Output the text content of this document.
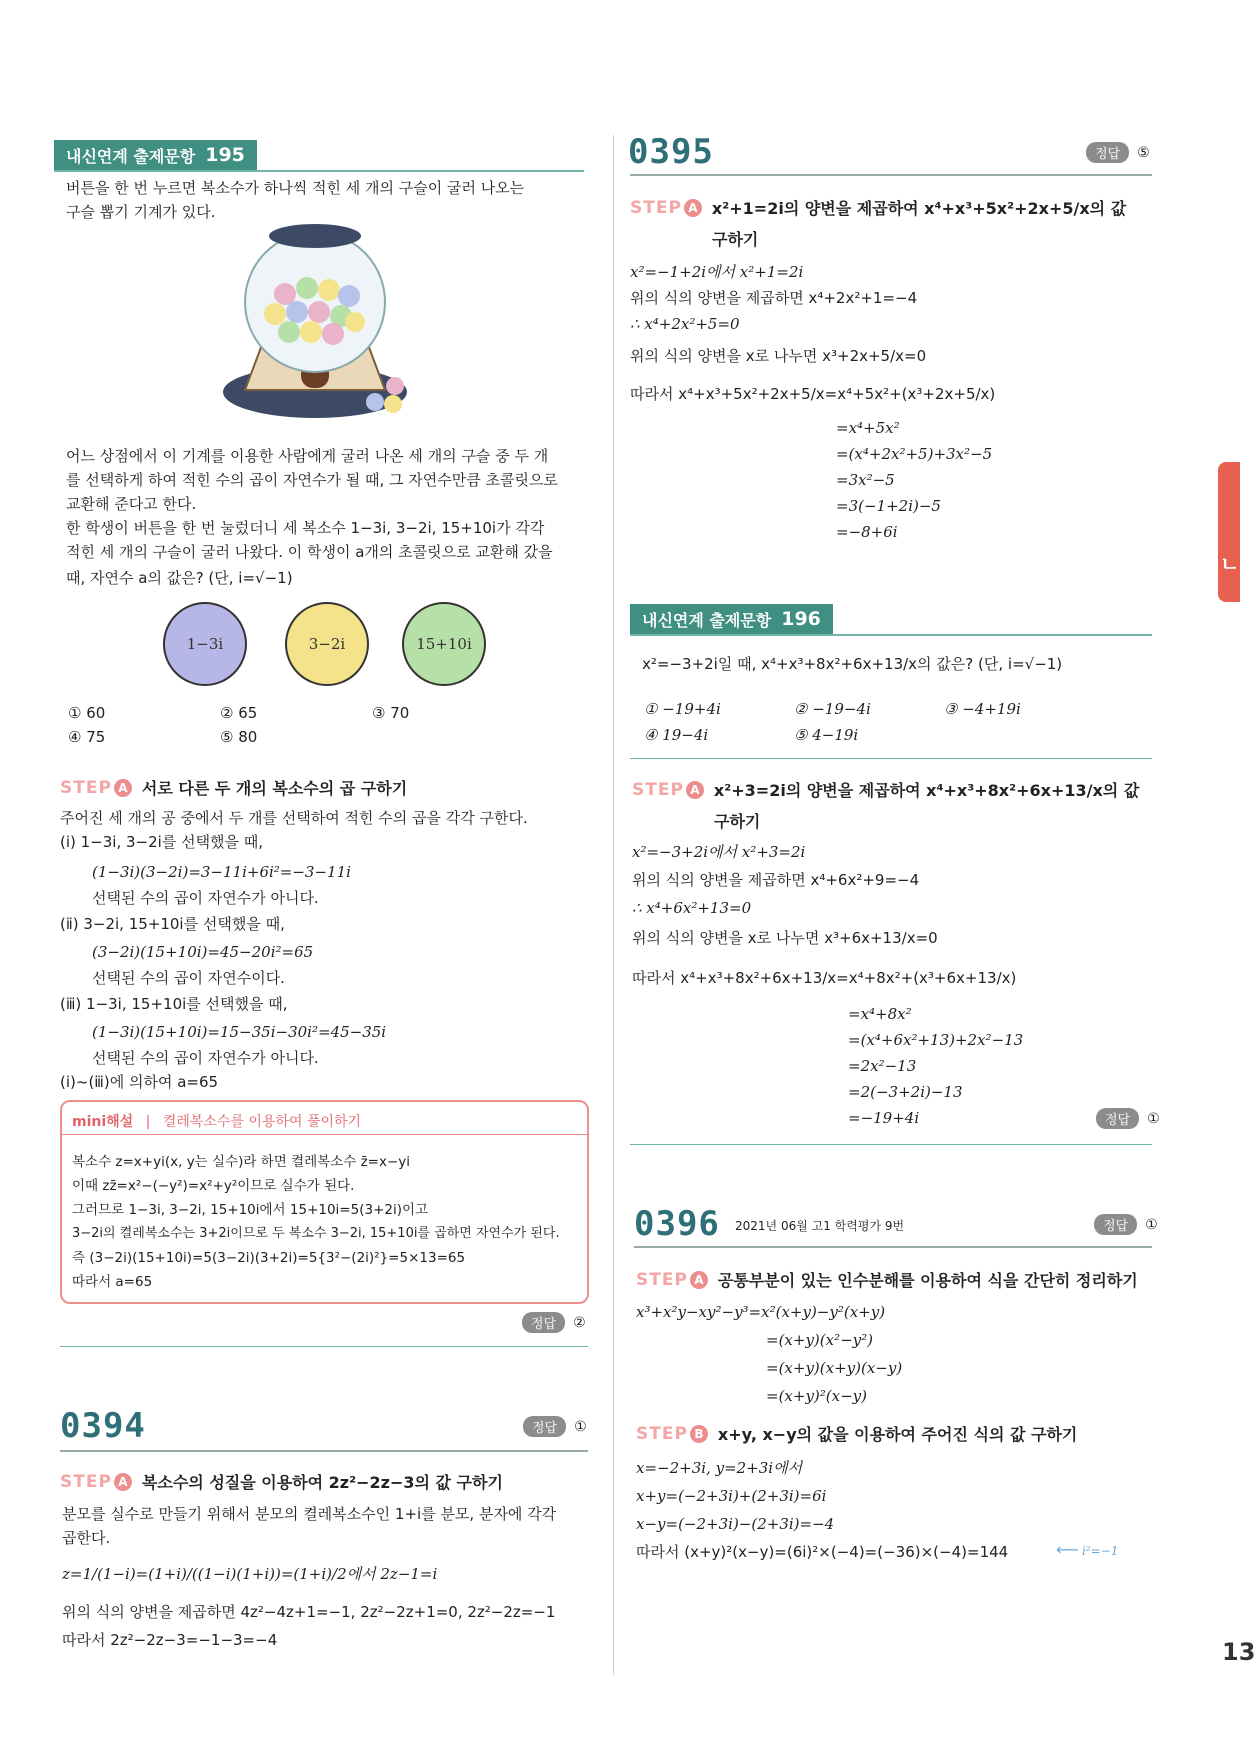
ㄴ
13
내신연계 출제문항 195
버튼을 한 번 누르면 복소수가 하나씩 적힌 세 개의 구슬이 굴러 나오는
구슬 뽑기 기계가 있다.
어느 상점에서 이 기계를 이용한 사람에게 굴러 나온 세 개의 구슬 중 두 개
를 선택하게 하여 적힌 수의 곱이 자연수가 될 때, 그 자연수만큼 초콜릿으로
교환해 준다고 한다.
한 학생이 버튼을 한 번 눌렀더니 세 복소수 1−3i, 3−2i, 15+10i가 각각
적힌 세 개의 구슬이 굴러 나왔다. 이 학생이 a개의 초콜릿으로 교환해 갔을
때, 자연수 a의 값은? (단, i=√−1)
1−3i	3−2i	15+10i
① 60	② 65	③ 70
④ 75	⑤ 80
STEP A 서로 다른 두 개의 복소수의 곱 구하기
주어진 세 개의 공 중에서 두 개를 선택하여 적힌 수의 곱을 각각 구한다.
(ⅰ) 1−3i, 3−2i를 선택했을 때,
(1−3i)(3−2i)=3−11i+6i²=−3−11i
선택된 수의 곱이 자연수가 아니다.
(ⅱ) 3−2i, 15+10i를 선택했을 때,
(3−2i)(15+10i)=45−20i²=65
선택된 수의 곱이 자연수이다.
(ⅲ) 1−3i, 15+10i를 선택했을 때,
(1−3i)(15+10i)=15−35i−30i²=45−35i
선택된 수의 곱이 자연수가 아니다.
(ⅰ)~(ⅲ)에 의하여 a=65
mini해설 | 켤레복소수를 이용하여 풀이하기
복소수 z=x+yi(x, y는 실수)라 하면 켤레복소수 z̄=x−yi
이때 zz̄=x²−(−y²)=x²+y²이므로 실수가 된다.
그러므로 1−3i, 3−2i, 15+10i에서 15+10i=5(3+2i)이고
3−2i의 켤레복소수는 3+2i이므로 두 복소수 3−2i, 15+10i를 곱하면 자연수가 된다.
즉 (3−2i)(15+10i)=5(3−2i)(3+2i)=5{3²−(2i)²}=5×13=65
따라서 a=65
정답	②
0394	정답	①
STEP A 복소수의 성질을 이용하여 2z²−2z−3의 값 구하기
분모를 실수로 만들기 위해서 분모의 켤레복소수인 1+i를 분모, 분자에 각각
곱한다.
z=1/(1−i)=(1+i)/((1−i)(1+i))=(1+i)/2에서 2z−1=i
위의 식의 양변을 제곱하면 4z²−4z+1=−1, 2z²−2z+1=0, 2z²−2z=−1
따라서 2z²−2z−3=−1−3=−4
0395	정답	⑤
STEP A x²+1=2i의 양변을 제곱하여 x⁴+x³+5x²+2x+5/x의 값
구하기
x²=−1+2i에서 x²+1=2i
위의 식의 양변을 제곱하면 x⁴+2x²+1=−4
∴ x⁴+2x²+5=0
위의 식의 양변을 x로 나누면 x³+2x+5/x=0
따라서 x⁴+x³+5x²+2x+5/x=x⁴+5x²+(x³+2x+5/x)
=x⁴+5x²
=(x⁴+2x²+5)+3x²−5
=3x²−5
=3(−1+2i)−5
=−8+6i
내신연계 출제문항 196
x²=−3+2i일 때, x⁴+x³+8x²+6x+13/x의 값은? (단, i=√−1)
① −19+4i	② −19−4i	③ −4+19i
④ 19−4i	⑤ 4−19i
STEP A x²+3=2i의 양변을 제곱하여 x⁴+x³+8x²+6x+13/x의 값
구하기
x²=−3+2i에서 x²+3=2i
위의 식의 양변을 제곱하면 x⁴+6x²+9=−4
∴ x⁴+6x²+13=0
위의 식의 양변을 x로 나누면 x³+6x+13/x=0
따라서 x⁴+x³+8x²+6x+13/x=x⁴+8x²+(x³+6x+13/x)
=x⁴+8x²
=(x⁴+6x²+13)+2x²−13
=2x²−13
=2(−3+2i)−13
=−19+4i	정답	①
0396 2021년 06월 고1 학력평가 9번	정답	①
STEP A 공통부분이 있는 인수분해를 이용하여 식을 간단히 정리하기
x³+x²y−xy²−y³=x²(x+y)−y²(x+y)
=(x+y)(x²−y²)
=(x+y)(x+y)(x−y)
=(x+y)²(x−y)
STEP B x+y, x−y의 값을 이용하여 주어진 식의 값 구하기
x=−2+3i, y=2+3i에서
x+y=(−2+3i)+(2+3i)=6i
x−y=(−2+3i)−(2+3i)=−4
따라서 (x+y)²(x−y)=(6i)²×(−4)=(−36)×(−4)=144	⟵ i²=−1
